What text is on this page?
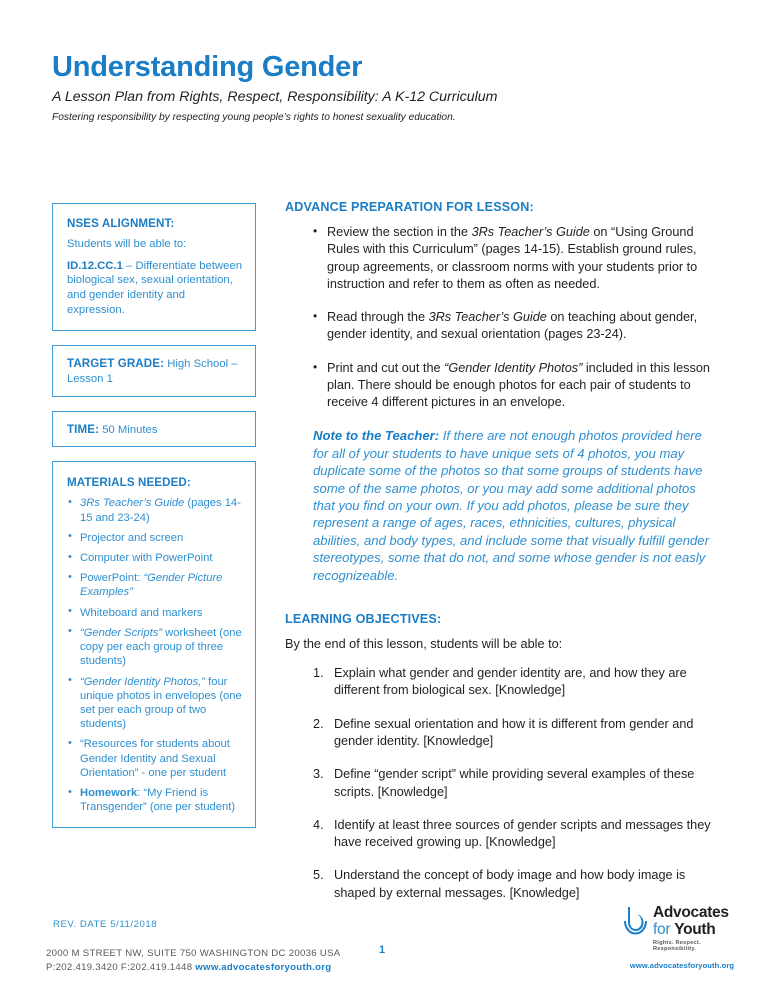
Understanding Gender
A Lesson Plan from Rights, Respect, Responsibility: A K-12 Curriculum
Fostering responsibility by respecting young people’s rights to honest sexuality education.
NSES ALIGNMENT:

Students will be able to:

ID.12.CC.1 – Differentiate between biological sex, sexual orientation, and gender identity and expression.

TARGET GRADE: High School – Lesson 1

TIME: 50 Minutes

MATERIALS NEEDED:
• 3Rs Teacher’s Guide (pages 14-15 and 23-24)
• Projector and screen
• Computer with PowerPoint
• PowerPoint: “Gender Picture Examples”
• Whiteboard and markers
• “Gender Scripts” worksheet (one copy per each group of three students)
• “Gender Identity Photos,” four unique photos in envelopes (one set per each group of two students)
• “Resources for students about Gender Identity and Sexual Orientation” - one per student
• Homework: “My Friend is Transgender” (one per student)
ADVANCE PREPARATION FOR LESSON:
• Review the section in the 3Rs Teacher’s Guide on “Using Ground Rules with this Curriculum” (pages 14-15). Establish ground rules, group agreements, or classroom norms with your students prior to instruction and refer to them as often as needed.
• Read through the 3Rs Teacher’s Guide on teaching about gender, gender identity, and sexual orientation (pages 23-24).
• Print and cut out the “Gender Identity Photos” included in this lesson plan. There should be enough photos for each pair of students to receive 4 different pictures in an envelope.

Note to the Teacher: If there are not enough photos provided here for all of your students to have unique sets of 4 photos, you may duplicate some of the photos so that some groups of students have some of the same photos, or you may add some additional photos that you find on your own. If you add photos, please be sure they represent a range of ages, races, ethnicities, cultures, physical abilities, and body types, and include some that visually fulfill gender stereotypes, some that do not, and some whose gender is not easly recognizeable.

LEARNING OBJECTIVES:

By the end of this lesson, students will be able to:

Explain what gender and gender identity are, and how they are different from biological sex. [Knowledge]
Define sexual orientation and how it is different from gender and gender identity. [Knowledge]
Define “gender script” while providing several examples of these scripts. [Knowledge]
Identify at least three sources of gender scripts and messages they have received growing up. [Knowledge]
Understand the concept of body image and how body image is shaped by external messages. [Knowledge]
REV. DATE 5/11/2018
2000 M STREET NW, SUITE 750 WASHINGTON DC 20036 USA
P:202.419.3420 F:202.419.1448 www.advocatesforyouth.org
1
Advocates
for Youth
Rights. Respect. Responsibility.
www.advocatesforyouth.org
